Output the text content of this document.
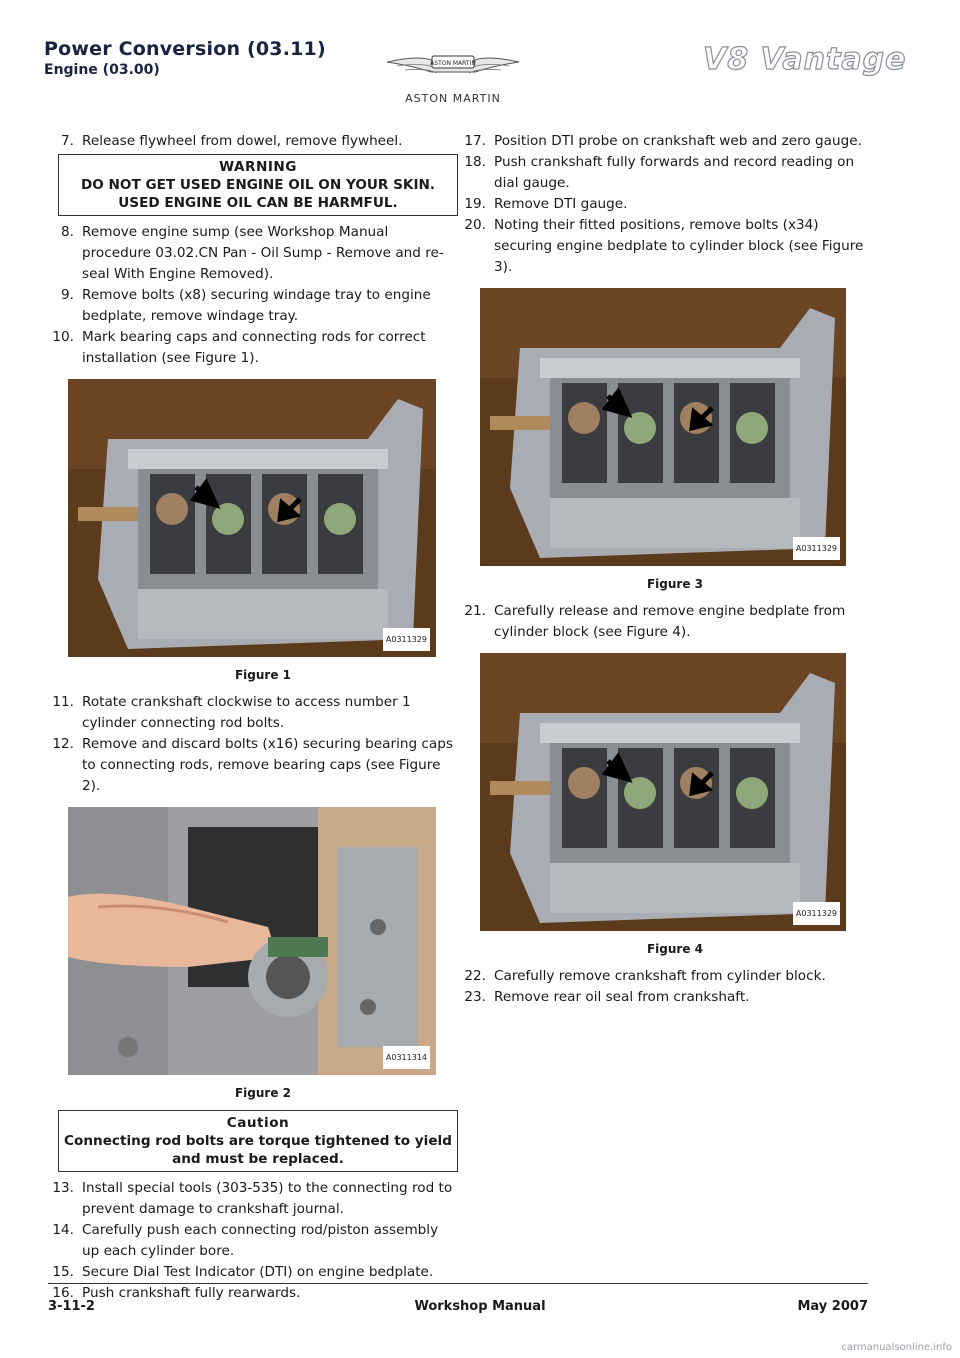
Power Conversion (03.11)
Engine (03.00)	ASTON MARTIN
ASTON MARTIN
V8 Vantage
7. Release flywheel from dowel, remove flywheel.
WARNING
DO NOT GET USED ENGINE OIL ON YOUR SKIN.
USED ENGINE OIL CAN BE HARMFUL.
8. Remove engine sump (see Workshop Manual procedure 03.02.CN Pan - Oil Sump - Remove and re-seal With Engine Removed).
9. Remove bolts (x8) securing windage tray to engine bedplate, remove windage tray.
10. Mark bearing caps and connecting rods for correct installation (see Figure 1).
A0311329
Figure 1
11. Rotate crankshaft clockwise to access number 1 cylinder connecting rod bolts.
12. Remove and discard bolts (x16) securing bearing caps to connecting rods, remove bearing caps (see Figure 2).
A0311314
Figure 2
Caution
Connecting rod bolts are torque tightened to yield and must be replaced.
13. Install special tools (303-535) to the connecting rod to prevent damage to crankshaft journal.
14. Carefully push each connecting rod/piston assembly up each cylinder bore.
15. Secure Dial Test Indicator (DTI) on engine bedplate.
16. Push crankshaft fully rearwards.
17. Position DTI probe on crankshaft web and zero gauge.
18. Push crankshaft fully forwards and record reading on dial gauge.
19. Remove DTI gauge.
20. Noting their fitted positions, remove bolts (x34) securing engine bedplate to cylinder block (see Figure 3).
A0311329
Figure 3
21. Carefully release and remove engine bedplate from cylinder block (see Figure 4).
A0311329
Figure 4
22. Carefully remove crankshaft from cylinder block.
23. Remove rear oil seal from crankshaft.
3-11-2	Workshop Manual	May 2007
carmanualsonline.info
